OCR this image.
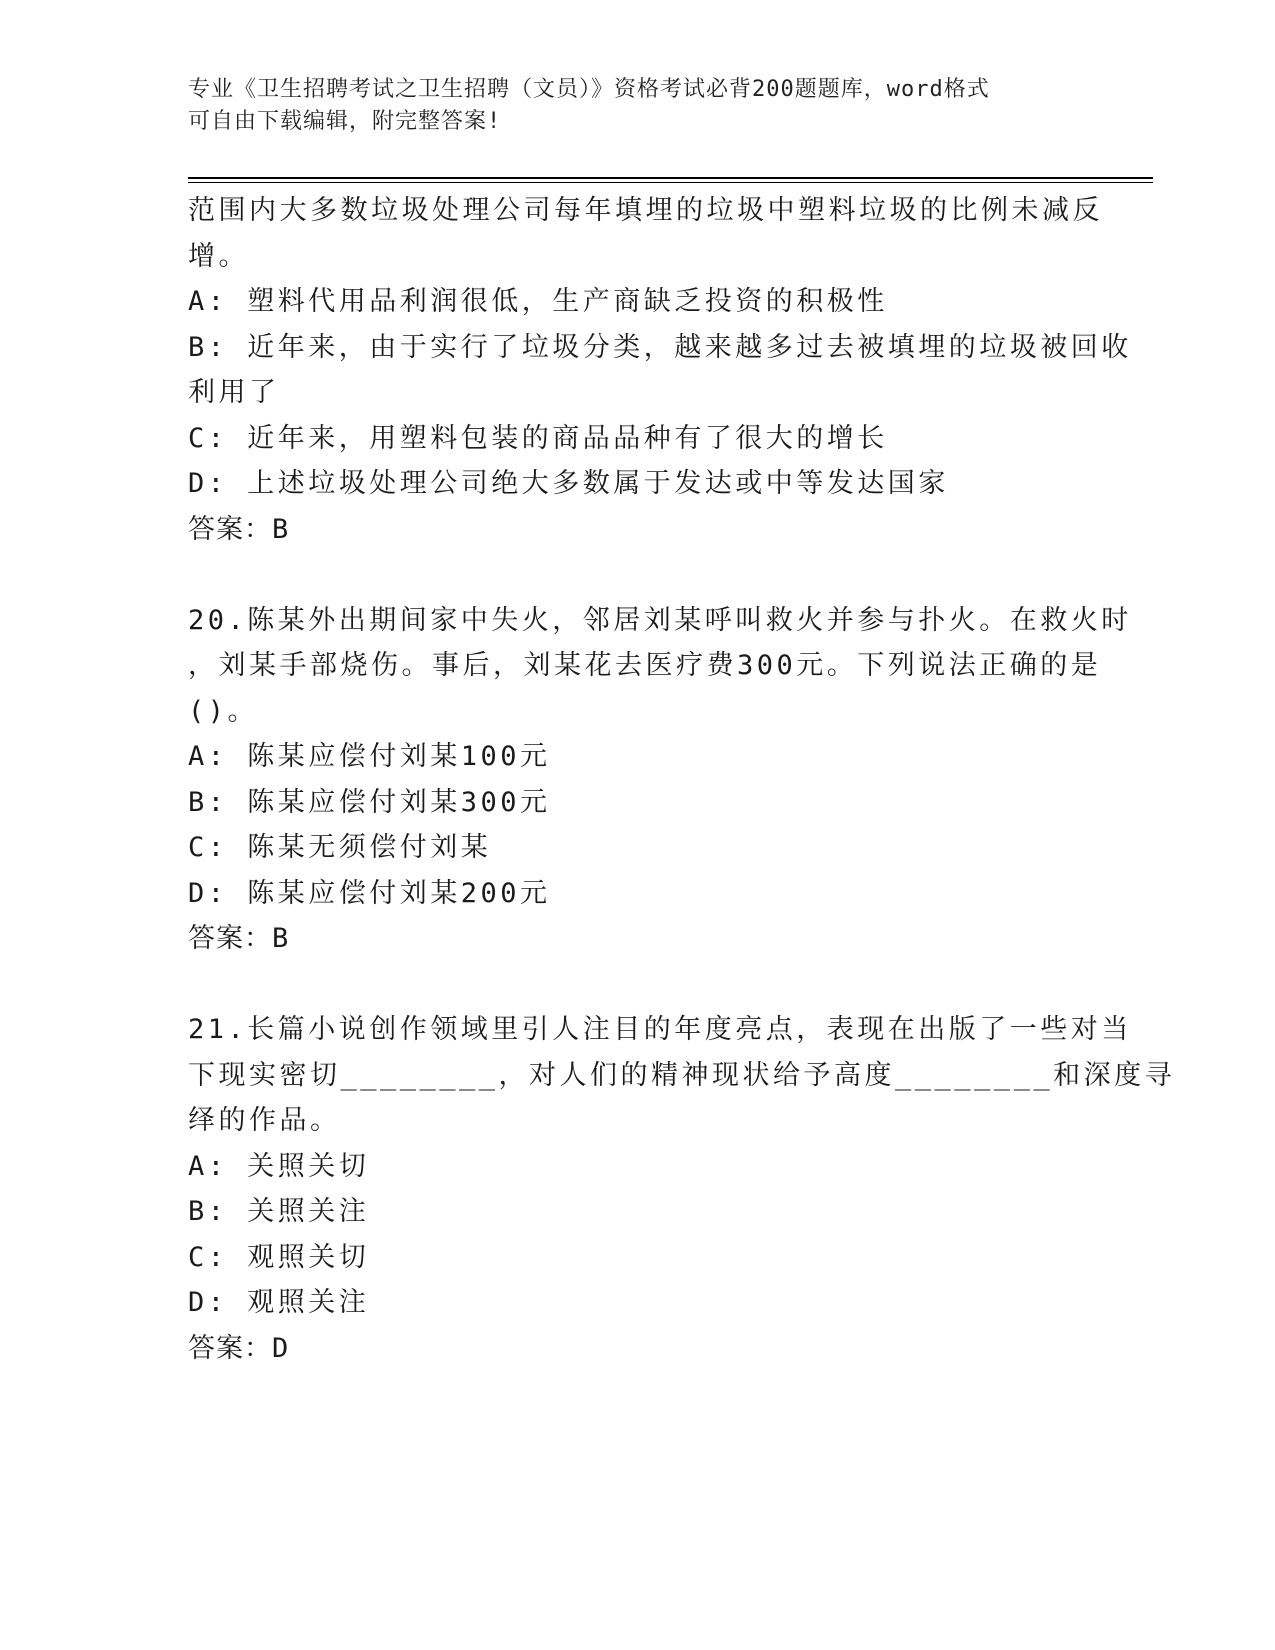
专业《卫生招聘考试之卫生招聘（文员）》资格考试必背200题题库，word格式
可自由下载编辑，附完整答案!
范围内大多数垃圾处理公司每年填埋的垃圾中塑料垃圾的比例未减反
增。
A: 塑料代用品利润很低，生产商缺乏投资的积极性
B: 近年来，由于实行了垃圾分类，越来越多过去被填埋的垃圾被回收
利用了
C: 近年来，用塑料包装的商品品种有了很大的增长
D: 上述垃圾处理公司绝大多数属于发达或中等发达国家
答案：B
20.陈某外出期间家中失火，邻居刘某呼叫救火并参与扑火。在救火时
，刘某手部烧伤。事后，刘某花去医疗费300元。下列说法正确的是
()。
A: 陈某应偿付刘某100元
B: 陈某应偿付刘某300元
C: 陈某无须偿付刘某
D: 陈某应偿付刘某200元
答案：B
21.长篇小说创作领域里引人注目的年度亮点，表现在出版了一些对当
下现实密切________，对人们的精神现状给予高度________和深度寻
绎的作品。
A: 关照关切
B: 关照关注
C: 观照关切
D: 观照关注
答案：D
